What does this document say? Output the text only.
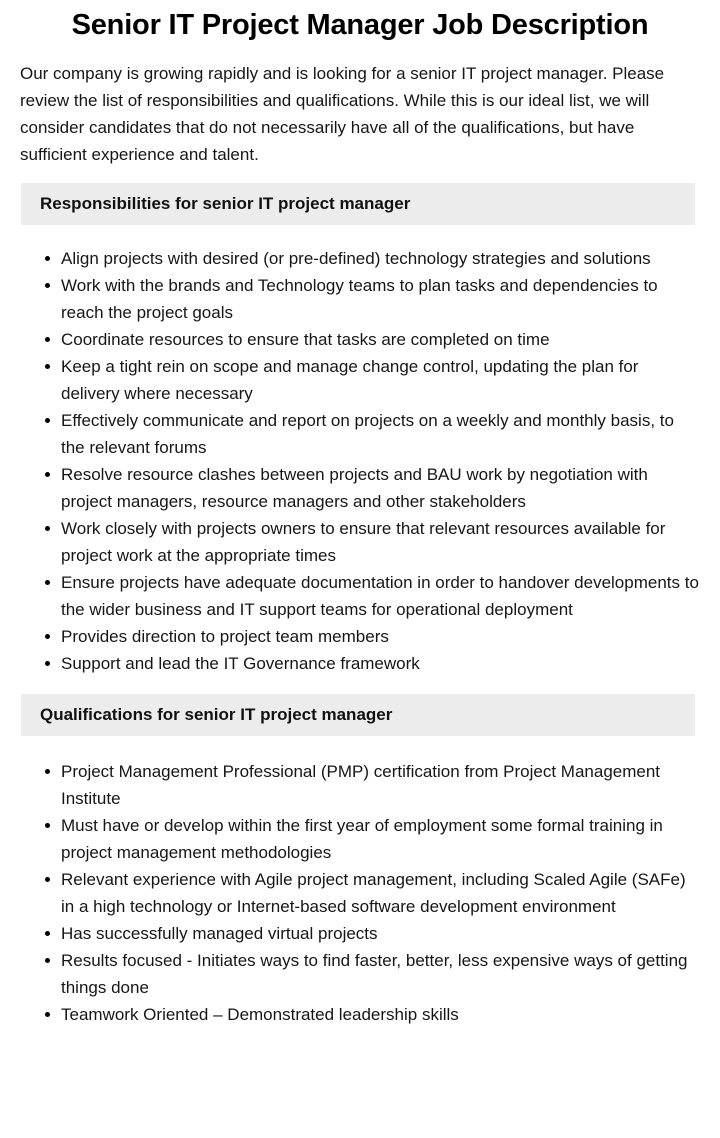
Senior IT Project Manager Job Description

Our company is growing rapidly and is looking for a senior IT project manager. Please review the list of responsibilities and qualifications. While this is our ideal list, we will consider candidates that do not necessarily have all of the qualifications, but have sufficient experience and talent.

Responsibilities for senior IT project manager
Align projects with desired (or pre-defined) technology strategies and solutions
Work with the brands and Technology teams to plan tasks and dependencies to reach the project goals
Coordinate resources to ensure that tasks are completed on time
Keep a tight rein on scope and manage change control, updating the plan for delivery where necessary
Effectively communicate and report on projects on a weekly and monthly basis, to the relevant forums
Resolve resource clashes between projects and BAU work by negotiation with project managers, resource managers and other stakeholders
Work closely with projects owners to ensure that relevant resources available for project work at the appropriate times
Ensure projects have adequate documentation in order to handover developments to the wider business and IT support teams for operational deployment
Provides direction to project team members
Support and lead the IT Governance framework
Qualifications for senior IT project manager
Project Management Professional (PMP) certification from Project Management Institute
Must have or develop within the first year of employment some formal training in project management methodologies
Relevant experience with Agile project management, including Scaled Agile (SAFe) in a high technology or Internet-based software development environment
Has successfully managed virtual projects
Results focused - Initiates ways to find faster, better, less expensive ways of getting things done
Teamwork Oriented – Demonstrated leadership skills
